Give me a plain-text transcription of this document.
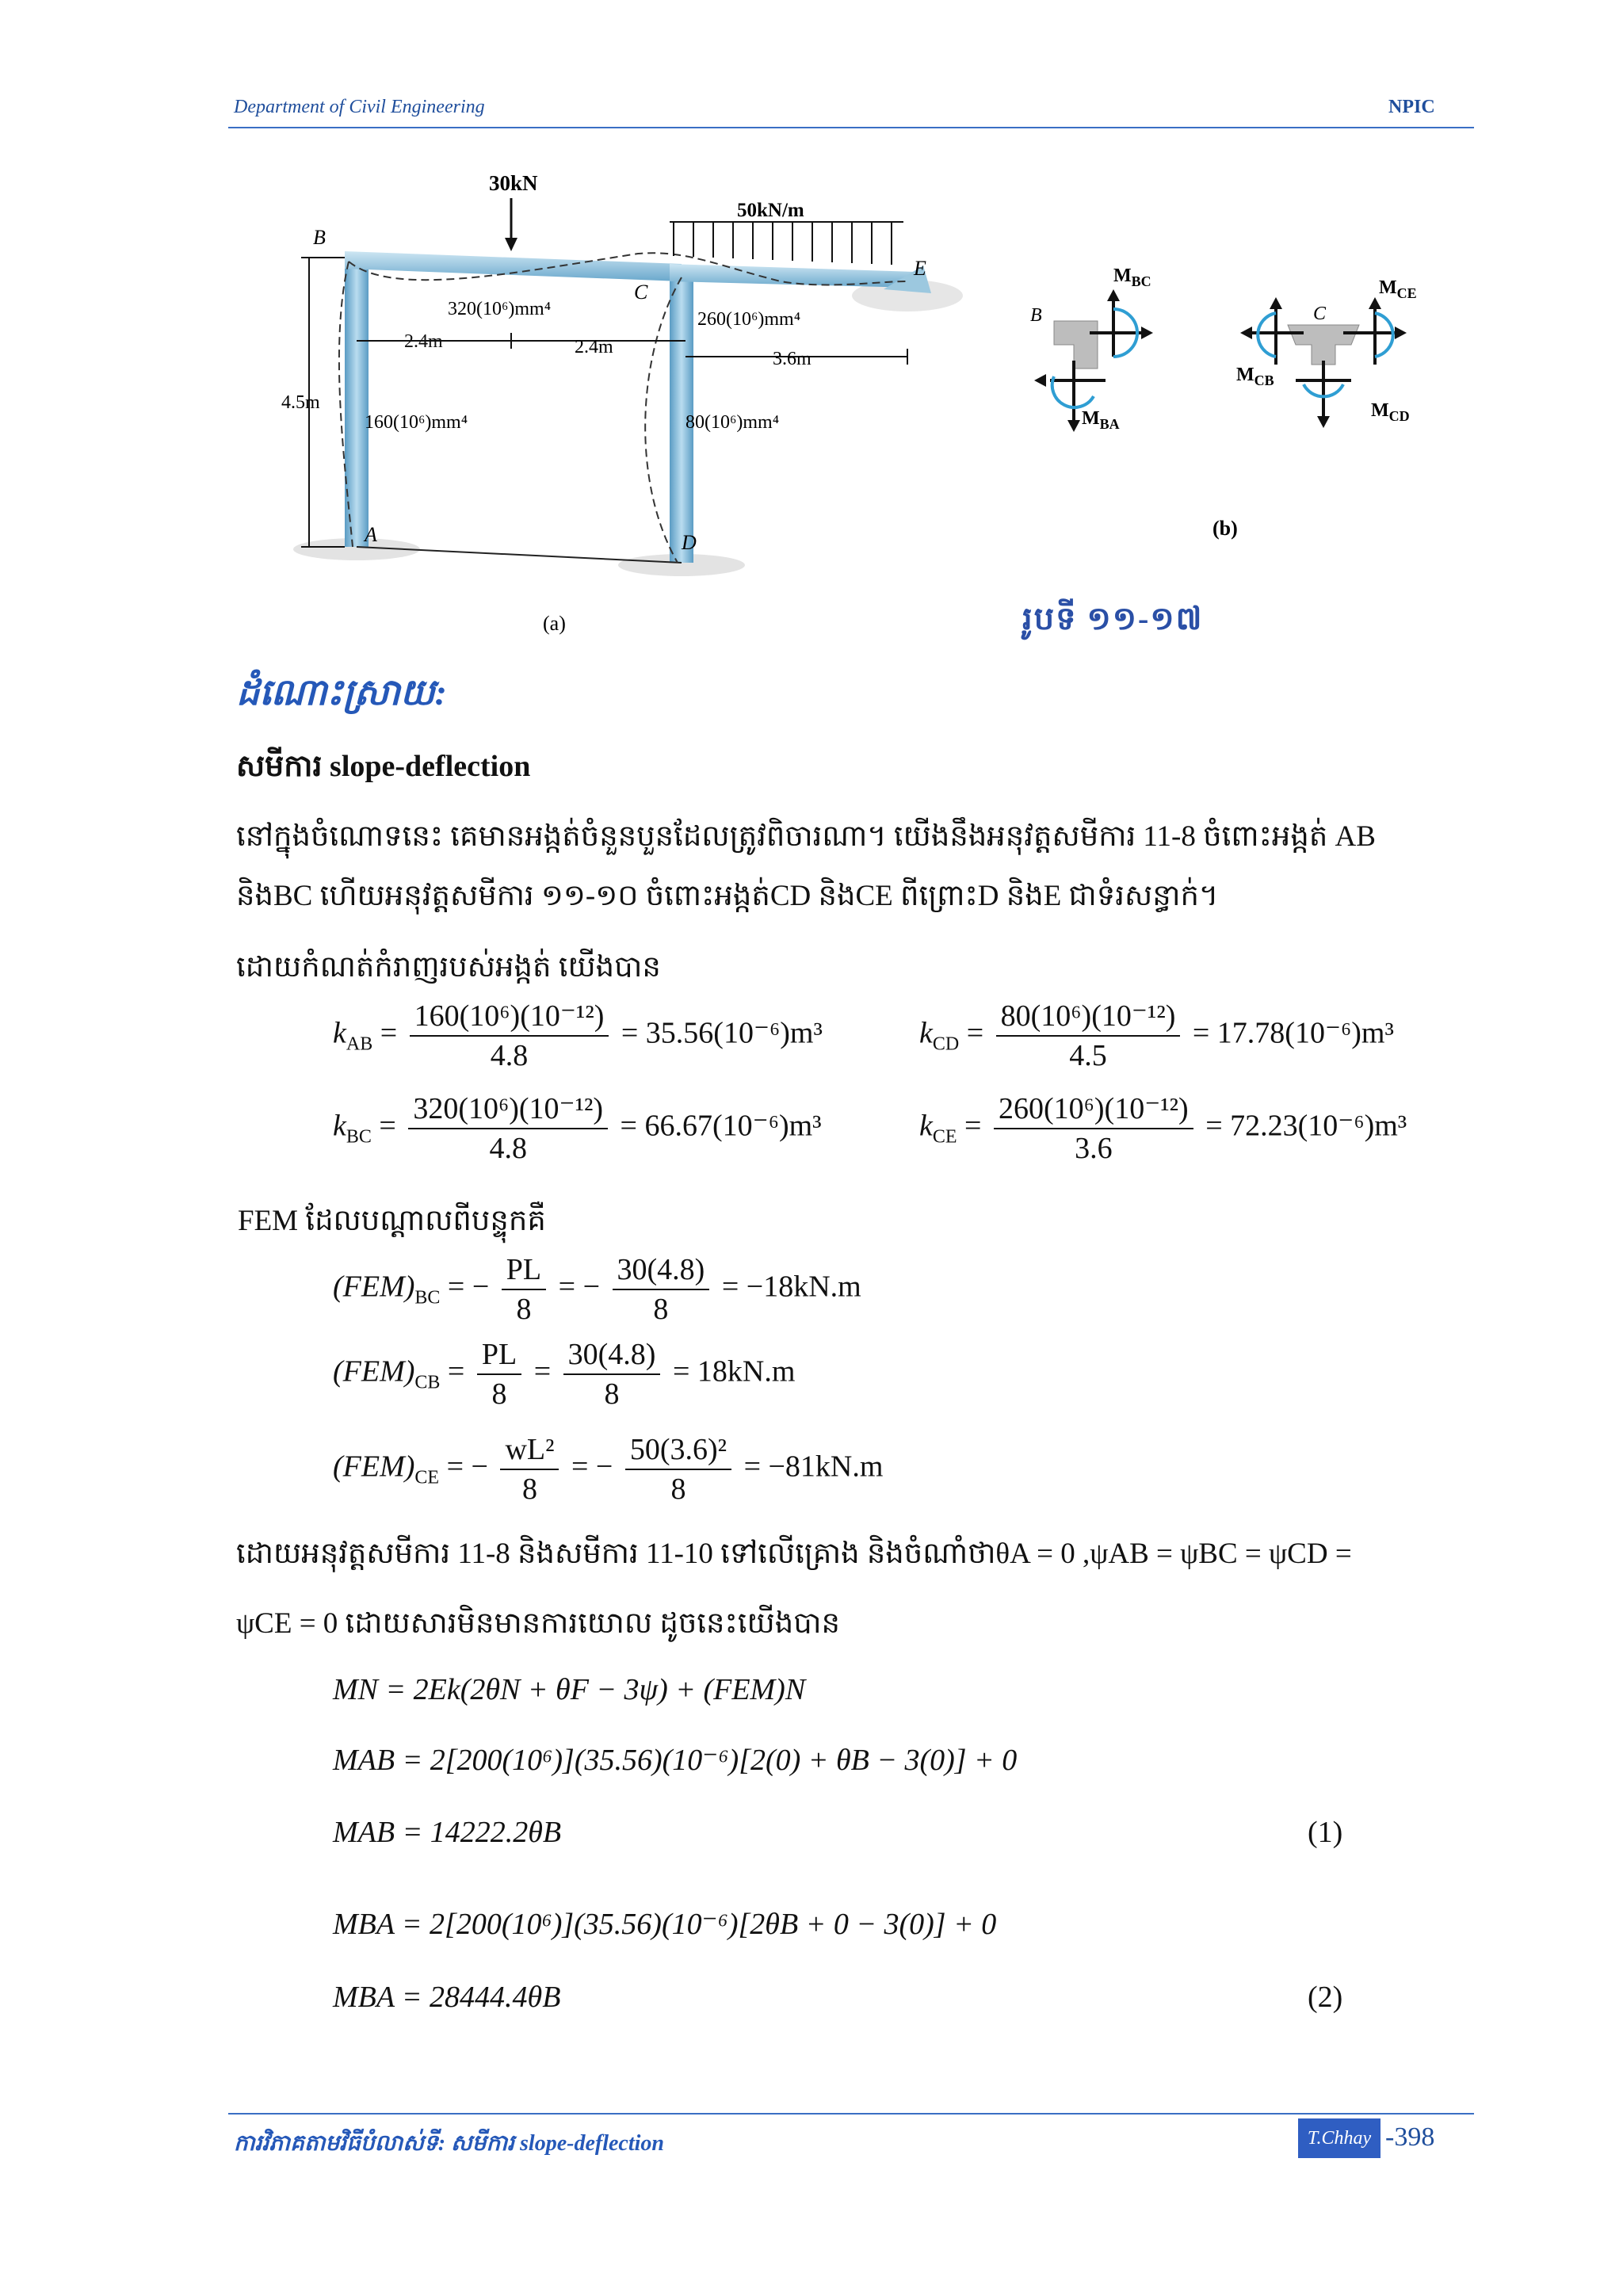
Department of Civil Engineering	NPIC
30kN
50kN/m
B
C
E
A	D
320(10⁶)mm⁴	260(10⁶)mm⁴
160(10⁶)mm⁴	80(10⁶)mm⁴
2.4m	2.4m
3.6m
4.5m
(a)
(b)
B
$M_{BC}$
$M_{BA}$
C
$M_{CB}$
$M_{CE}$
$M_{CD}$
រូបទី ១១-១៧
ដំណោះស្រាយ:
សមីការ slope-deflection
នៅក្នុងចំណោទនេះ គេមានអង្កត់ចំនួនបួនដែលត្រូវពិចារណា។ យើងនឹងអនុវត្តសមីការ 11-8 ចំពោះអង្កត់ AB
និងBC ហើយអនុវត្តសមីការ ១១-១០ ចំពោះអង្កត់CD និងCE ពីព្រោះD និងE ជាទំរសន្ធាក់។
ដោយកំណត់កំរាញរបស់អង្កត់ យើងបាន
$k_{AB} = \frac{\text{160(10⁶)(10⁻¹²)}}{4.8} = 35.56(10^{-6})m^3$	$k_{CD} = \frac{\text{80(10⁶)(10⁻¹²)}}{4.5} = 17.78(10^{-6})m^3$
$k_{BC} = \frac{\text{320(10⁶)(10⁻¹²)}}{4.8} = 66.67(10^{-6})m^3$	$k_{CE} = \frac{\text{260(10⁶)(10⁻¹²)}}{3.6} = 72.23(10^{-6})m^3$
FEM ដែលបណ្ដាលពីបន្ទុកគឺ
$(FEM)_{BC}$ = − $\frac{PL}{8}$ = − $\frac{30(4.8)}{8} = -18kN.m$
$(FEM)_{CB} = \frac{PL}{8} = \frac{30(4.8)}{8} = 18kN.m$
$(FEM)_{CE}$ = − $\frac{\text{wL²}}{8}$ = − $\frac{\text{50(3.6)²}}{8} = -81kN.m$
ដោយអនុវត្តសមីការ 11-8 និងសមីការ 11-10 ទៅលើគ្រោង និងចំណាំថាθA = 0 ,ψAB = ψBC = ψCD =
ψCE = 0 ដោយសារមិនមានការយោល ដូចនេះយើងបាន
MN = 2Ek(2θN + θF − 3ψ) + (FEM)N
MAB = 2[200(10⁶)](35.56)(10⁻⁶)[2(0) + θB − 3(0)] + 0
MAB = 14222.2θB	(1)
MBA = 2[200(10⁶)](35.56)(10⁻⁶)[2θB + 0 − 3(0)] + 0
MBA = 28444.4θB	(2)
ការវិភាគតាមវិធីបំលាស់ទី: សមីការ slope-deflection	T.Chhay -398
